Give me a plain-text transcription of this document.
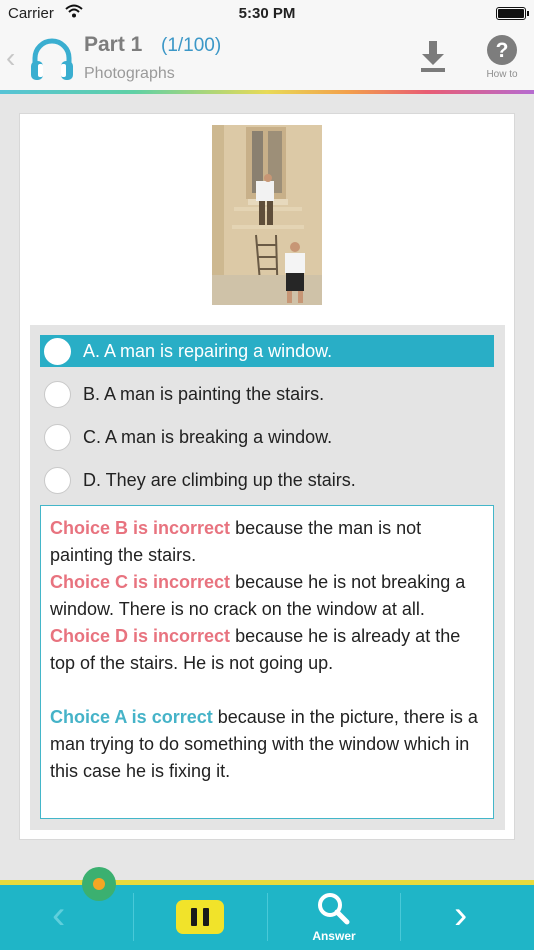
Carrier	5:30 PM
‹	Part 1 (1/100)
Photographs
?
How to
A. A man is repairing a window.
B. A man is painting the stairs.
C. A man is breaking a window.
D. They are climbing up the stairs.

Choice B is incorrect because the man is not painting the stairs.

Choice C is incorrect because he is not breaking a window. There is no crack on the window at all.

Choice D is incorrect because he is already at the top of the stairs. He is not going up.

Choice A is correct because in the picture, there is a man trying to do something with the window which in this case he is fixing it.

‹	Answer ›
